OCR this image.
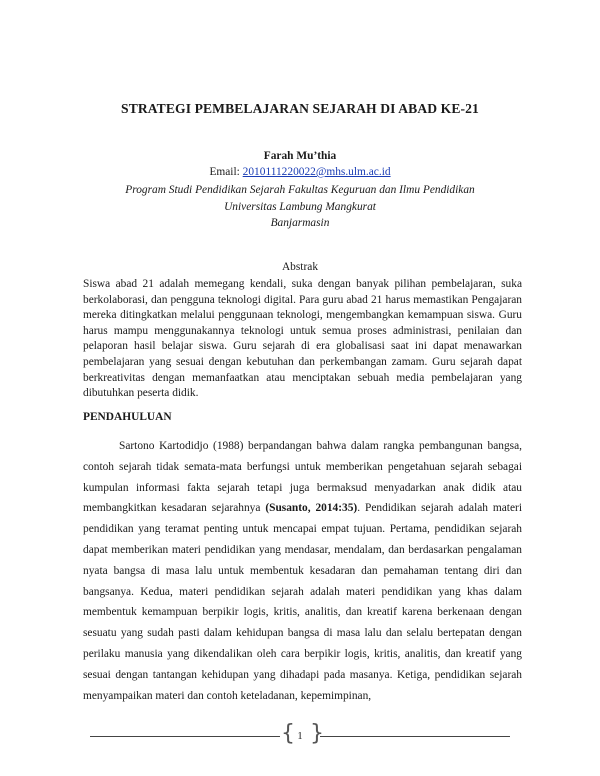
STRATEGI PEMBELAJARAN SEJARAH DI ABAD KE-21
Farah Mu’thia
Email: 2010111220022@mhs.ulm.ac.id
Program Studi Pendidikan Sejarah Fakultas Keguruan dan Ilmu Pendidikan
Universitas Lambung Mangkurat
Banjarmasin
Abstrak
Siswa abad 21 adalah memegang kendali, suka dengan banyak pilihan pembelajaran, suka berkolaborasi, dan pengguna teknologi digital. Para guru abad 21 harus memastikan Pengajaran mereka ditingkatkan melalui penggunaan teknologi, mengembangkan kemampuan siswa. Guru harus mampu menggunakannya teknologi untuk semua proses administrasi, penilaian dan pelaporan hasil belajar siswa. Guru sejarah di era globalisasi saat ini dapat menawarkan pembelajaran yang sesuai dengan kebutuhan dan perkembangan zamam. Guru sejarah dapat berkreativitas dengan memanfaatkan atau menciptakan sebuah media pembelajaran yang dibutuhkan peserta didik.
PENDAHULUAN

Sartono Kartodidjo (1988) berpandangan bahwa dalam rangka pembangunan bangsa, contoh sejarah tidak semata-mata berfungsi untuk memberikan pengetahuan sejarah sebagai kumpulan informasi fakta sejarah tetapi juga bermaksud menyadarkan anak didik atau membangkitkan kesadaran sejarahnya (Susanto, 2014:35). Pendidikan sejarah adalah materi pendidikan yang teramat penting untuk mencapai empat tujuan. Pertama, pendidikan sejarah dapat memberikan materi pendidikan yang mendasar, mendalam, dan berdasarkan pengalaman nyata bangsa di masa lalu untuk membentuk kesadaran dan pemahaman tentang diri dan bangsanya. Kedua, materi pendidikan sejarah adalah materi pendidikan yang khas dalam membentuk kemampuan berpikir logis, kritis, analitis, dan kreatif karena berkenaan dengan sesuatu yang sudah pasti dalam kehidupan bangsa di masa lalu dan selalu bertepatan dengan perilaku manusia yang dikendalikan oleh cara berpikir logis, kritis, analitis, dan kreatif yang sesuai dengan tantangan kehidupan yang dihadapi pada masanya. Ketiga, pendidikan sejarah menyampaikan materi dan contoh keteladanan, kepemimpinan,

{ 1 }
